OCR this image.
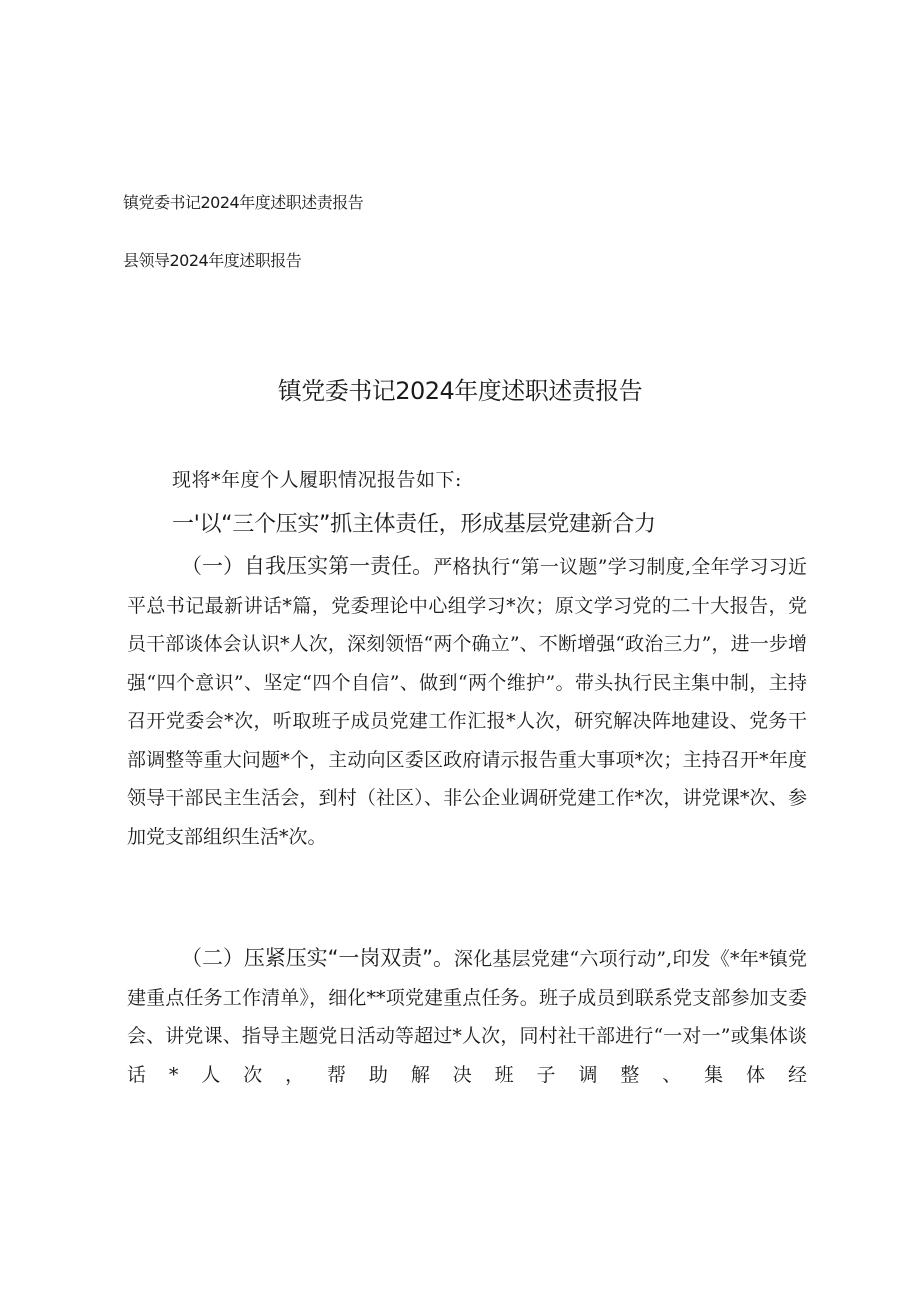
镇党委书记2024年度述职述责报告
县领导2024年度述职报告
镇党委书记2024年度述职述责报告
现将*年度个人履职情况报告如下:
一'以“三个压实”抓主体责任，形成基层党建新合力

（一）自我压实第一责任。严格执行“第一议题”学习制度,全年学习习近平总书记最新讲话*篇，党委理论中心组学习*次；原文学习党的二十大报告，党员干部谈体会认识*人次，深刻领悟“两个确立”、不断增强“政治三力”，进一步增强“四个意识”、坚定“四个自信”、做到“两个维护”。带头执行民主集中制，主持召开党委会*次，听取班子成员党建工作汇报*人次，研究解决阵地建设、党务干部调整等重大问题*个，主动向区委区政府请示报告重大事项*次；主持召开*年度领导干部民主生活会，到村（社区）、非公企业调研党建工作*次，讲党课*次、参加党支部组织生活*次。

（二）压紧压实“一岗双责”。深化基层党建“六项行动”,印发《*年*镇党建重点任务工作清单》，细化**项党建重点任务。班子成员到联系党支部参加支委会、讲党课、指导主题党日活动等超过*人次，同村社干部进行“一对一”或集体谈话*人次，帮助解决班子调整、集体经
